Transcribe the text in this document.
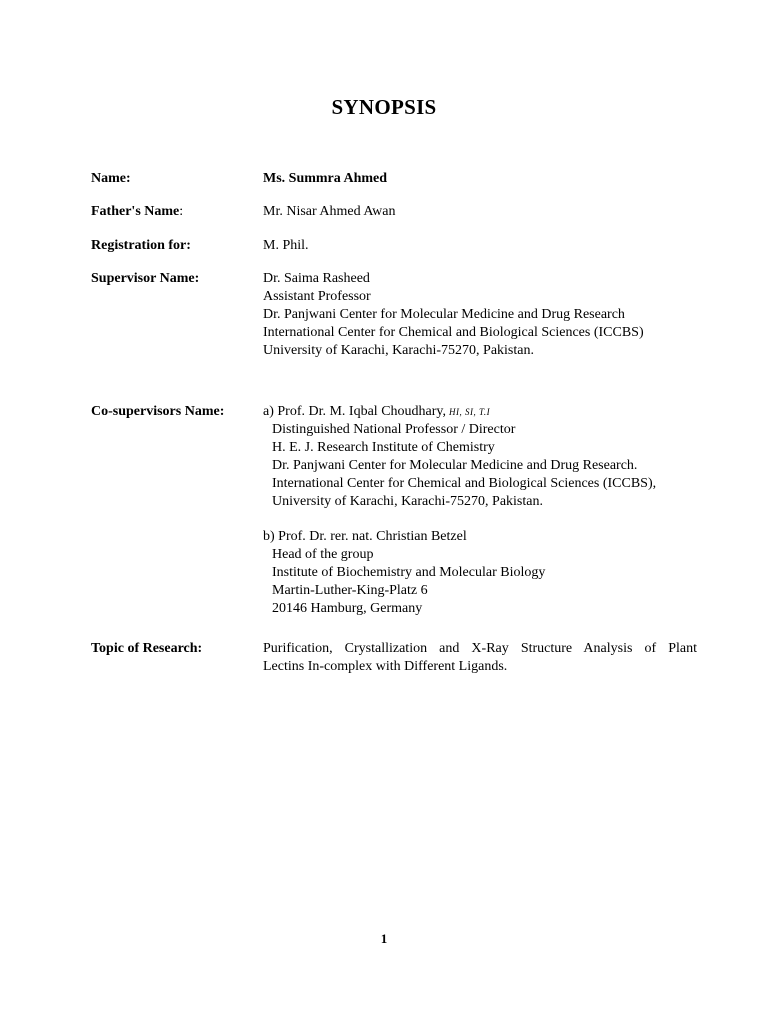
SYNOPSIS
Name:	Ms. Summra Ahmed
Father's Name:	Mr. Nisar Ahmed Awan
Registration for:	M. Phil.
Supervisor Name:	Dr. Saima Rasheed
Assistant Professor
Dr. Panjwani Center for Molecular Medicine and Drug Research
International Center for Chemical and Biological Sciences (ICCBS)
University of Karachi, Karachi-75270, Pakistan.
Co-supervisors Name:	a) Prof. Dr. M. Iqbal Choudhary, HI, SI, T.I
Distinguished National Professor / Director
H. E. J. Research Institute of Chemistry
Dr. Panjwani Center for Molecular Medicine and Drug Research.
International Center for Chemical and Biological Sciences (ICCBS),
University of Karachi, Karachi-75270, Pakistan.
b) Prof. Dr. rer. nat. Christian Betzel
Head of the group
Institute of Biochemistry and Molecular Biology
Martin-Luther-King-Platz 6
20146 Hamburg, Germany
Topic of Research:	Purification, Crystallization and X-Ray Structure Analysis of Plant
Lectins In-complex with Different Ligands.
1
